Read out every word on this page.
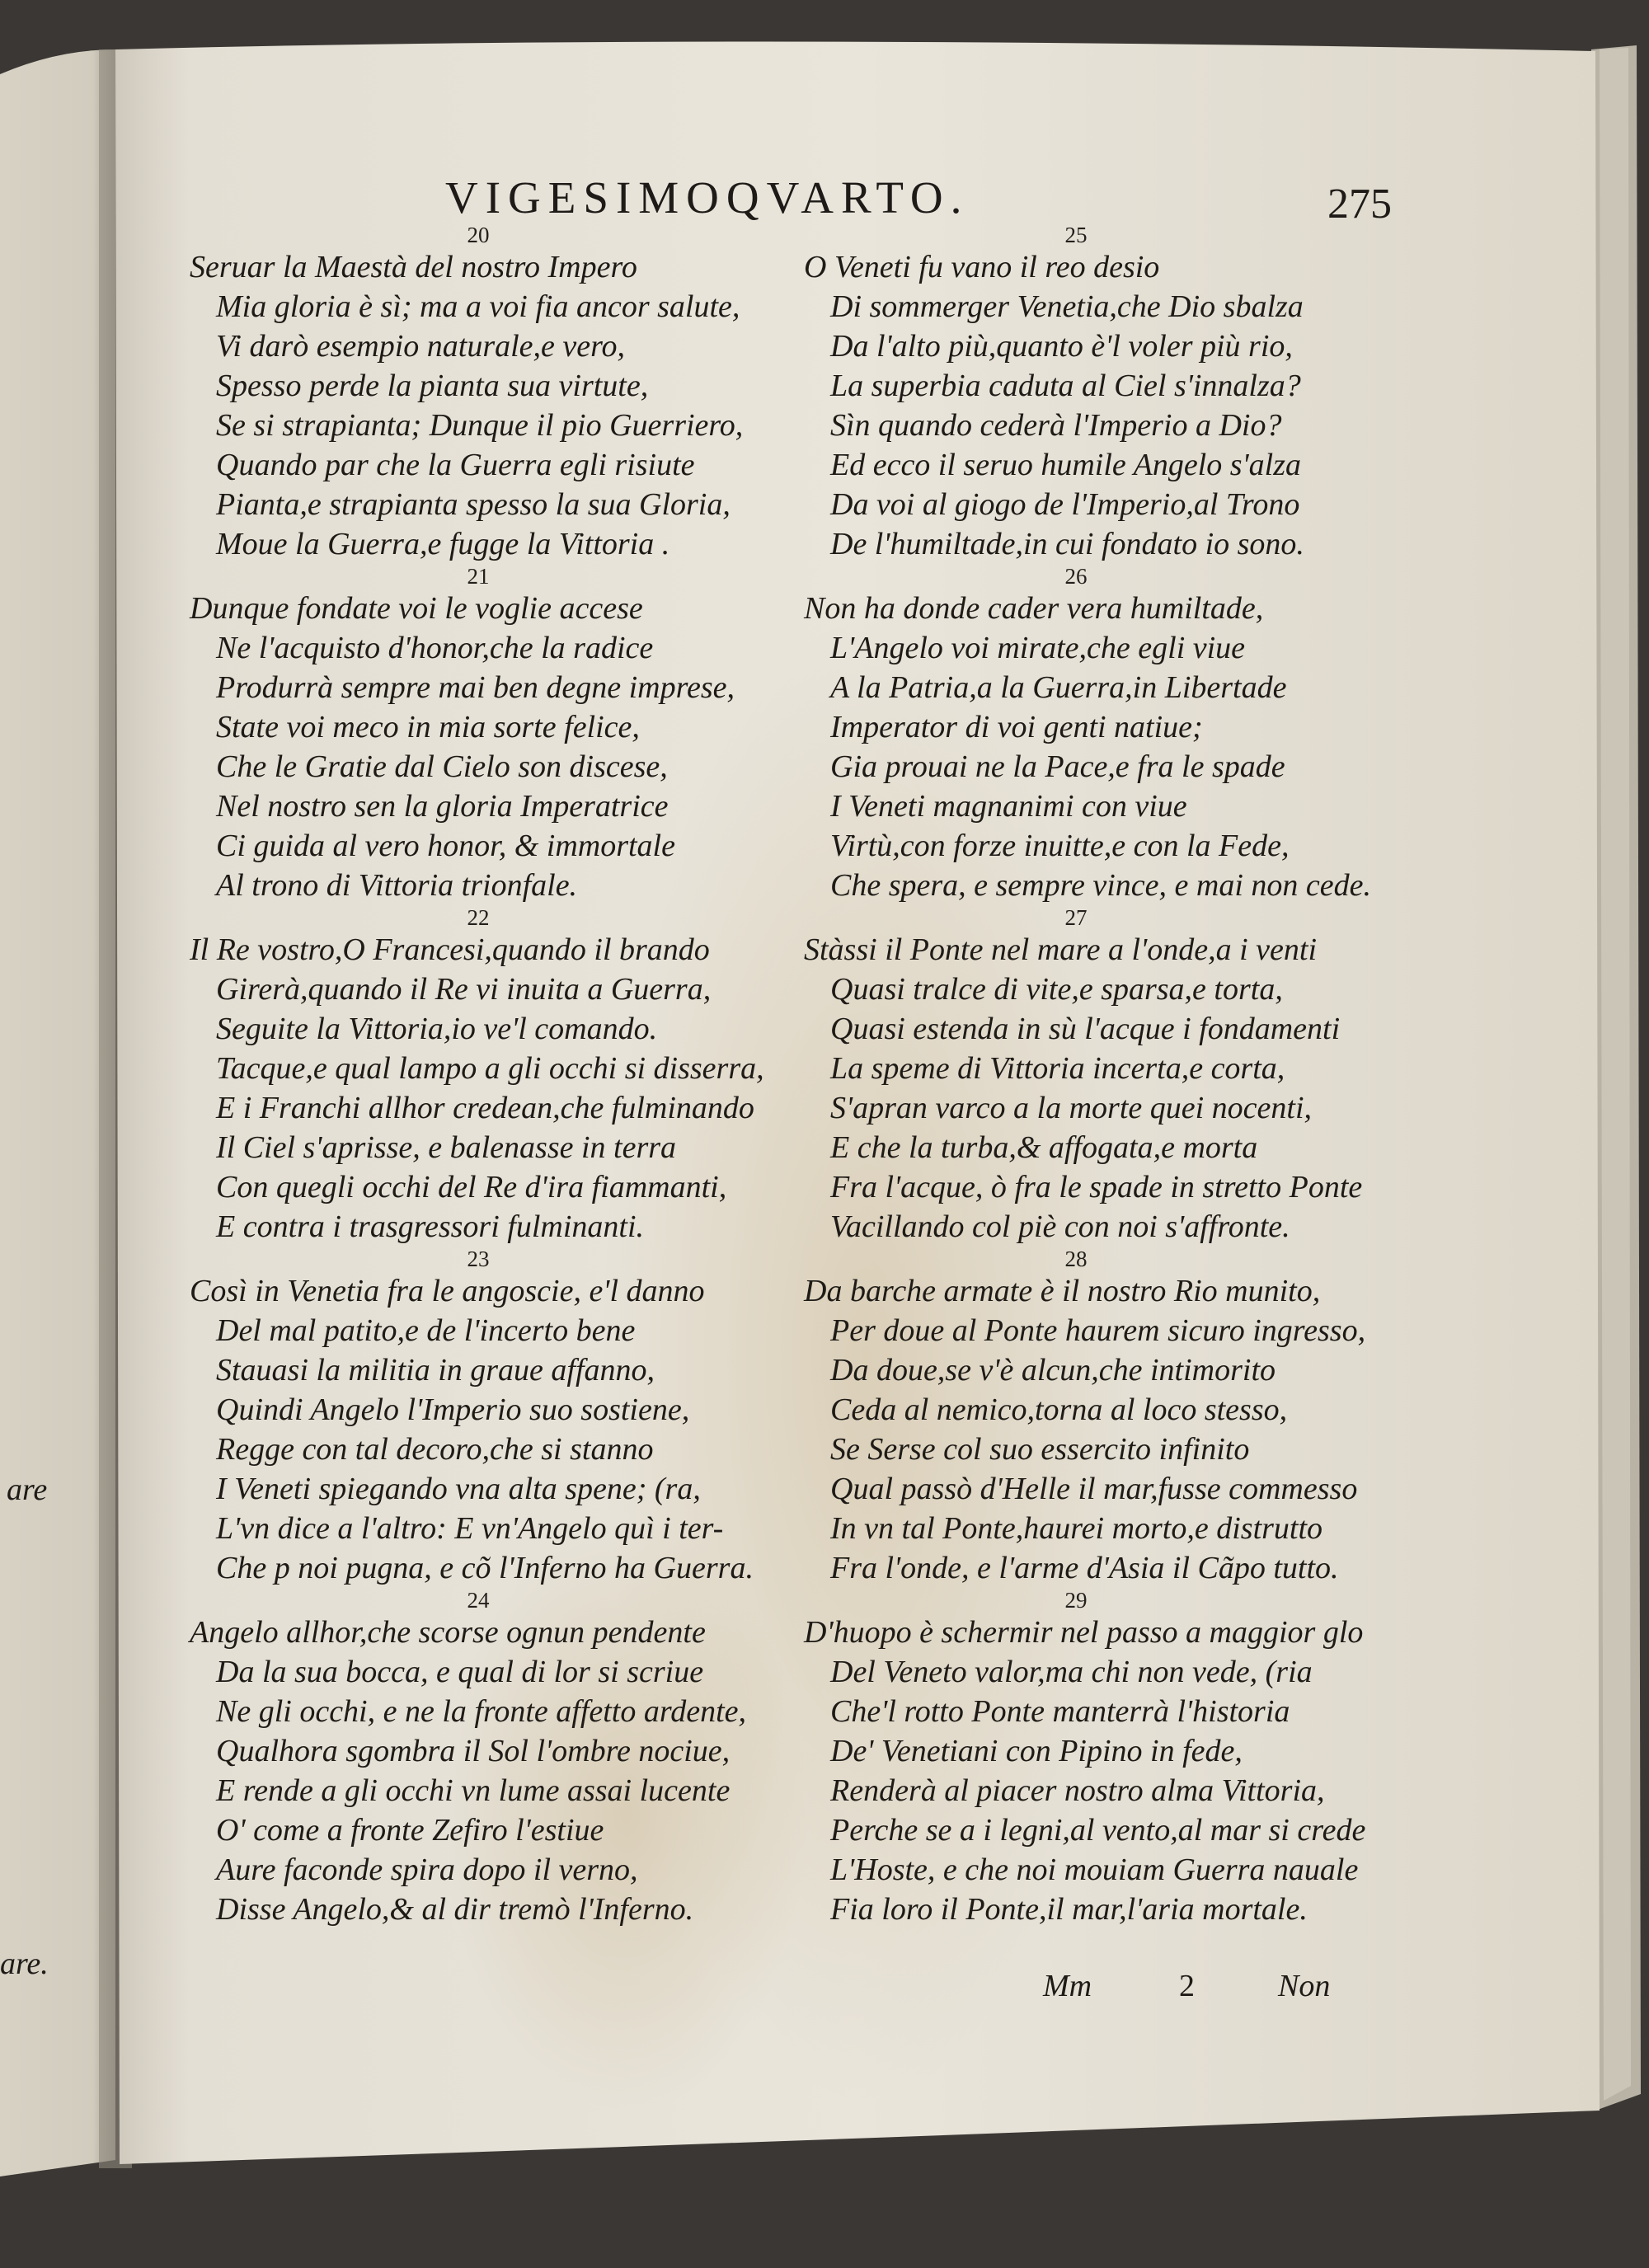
VIGESIMOQVARTO.	275
are
are.
20
Seruar la Maestà del nostro Impero
Mia gloria è sì; ma a voi fia ancor salute,
Vi darò esempio naturale,e vero,
Spesso perde la pianta sua virtute,
Se si strapianta; Dunque il pio Guerriero,
Quando par che la Guerra egli risiute
Pianta,e strapianta spesso la sua Gloria,
Moue la Guerra,e fugge la Vittoria .
21
Dunque fondate voi le voglie accese
Ne l'acquisto d'honor,che la radice
Produrrà sempre mai ben degne imprese,
State voi meco in mia sorte felice,
Che le Gratie dal Cielo son discese,
Nel nostro sen la gloria Imperatrice
Ci guida al vero honor, & immortale
Al trono di Vittoria trionfale.
22
Il Re vostro,O Francesi,quando il brando
Girerà,quando il Re vi inuita a Guerra,
Seguite la Vittoria,io ve'l comando.
Tacque,e qual lampo a gli occhi si disserra,
E i Franchi allhor credean,che fulminando
Il Ciel s'aprisse, e balenasse in terra
Con quegli occhi del Re d'ira fiammanti,
E contra i trasgressori fulminanti.
23
Così in Venetia fra le angoscie, e'l danno
Del mal patito,e de l'incerto bene
Stauasi la militia in graue affanno,
Quindi Angelo l'Imperio suo sostiene,
Regge con tal decoro,che si stanno
I Veneti spiegando vna alta spene; (ra,
L'vn dice a l'altro: E vn'Angelo quì i ter-
Che p noi pugna, e cõ l'Inferno ha Guerra.
24
Angelo allhor,che scorse ognun pendente
Da la sua bocca, e qual di lor si scriue
Ne gli occhi, e ne la fronte affetto ardente,
Qualhora sgombra il Sol l'ombre nociue,
E rende a gli occhi vn lume assai lucente
O' come a fronte Zefiro l'estiue
Aure faconde spira dopo il verno,
Disse Angelo,& al dir tremò l'Inferno.
25
O Veneti fu vano il reo desio
Di sommerger Venetia,che Dio sbalza
Da l'alto più,quanto è'l voler più rio,
La superbia caduta al Ciel s'innalza?
Sìn quando cederà l'Imperio a Dio?
Ed ecco il seruo humile Angelo s'alza
Da voi al giogo de l'Imperio,al Trono
De l'humiltade,in cui fondato io sono.
26
Non ha donde cader vera humiltade,
L'Angelo voi mirate,che egli viue
A la Patria,a la Guerra,in Libertade
Imperator di voi genti natiue;
Gia prouai ne la Pace,e fra le spade
I Veneti magnanimi con viue
Virtù,con forze inuitte,e con la Fede,
Che spera, e sempre vince, e mai non cede.
27
Stàssi il Ponte nel mare a l'onde,a i venti
Quasi tralce di vite,e sparsa,e torta,
Quasi estenda in sù l'acque i fondamenti
La speme di Vittoria incerta,e corta,
S'apran varco a la morte quei nocenti,
E che la turba,& affogata,e morta
Fra l'acque, ò fra le spade in stretto Ponte
Vacillando col piè con noi s'affronte.
28
Da barche armate è il nostro Rio munito,
Per doue al Ponte haurem sicuro ingresso,
Da doue,se v'è alcun,che intimorito
Ceda al nemico,torna al loco stesso,
Se Serse col suo essercito infinito
Qual passò d'Helle il mar,fusse commesso
In vn tal Ponte,haurei morto,e distrutto
Fra l'onde, e l'arme d'Asia il Cãpo tutto.
29
D'huopo è schermir nel passo a maggior glo
Del Veneto valor,ma chi non vede, (ria
Che'l rotto Ponte manterrà l'historia
De' Venetiani con Pipino in fede,
Renderà al piacer nostro alma Vittoria,
Perche se a i legni,al vento,al mar si crede
L'Hoste, e che noi mouiam Guerra nauale
Fia loro il Ponte,il mar,l'aria mortale.
Mm	2	Non
